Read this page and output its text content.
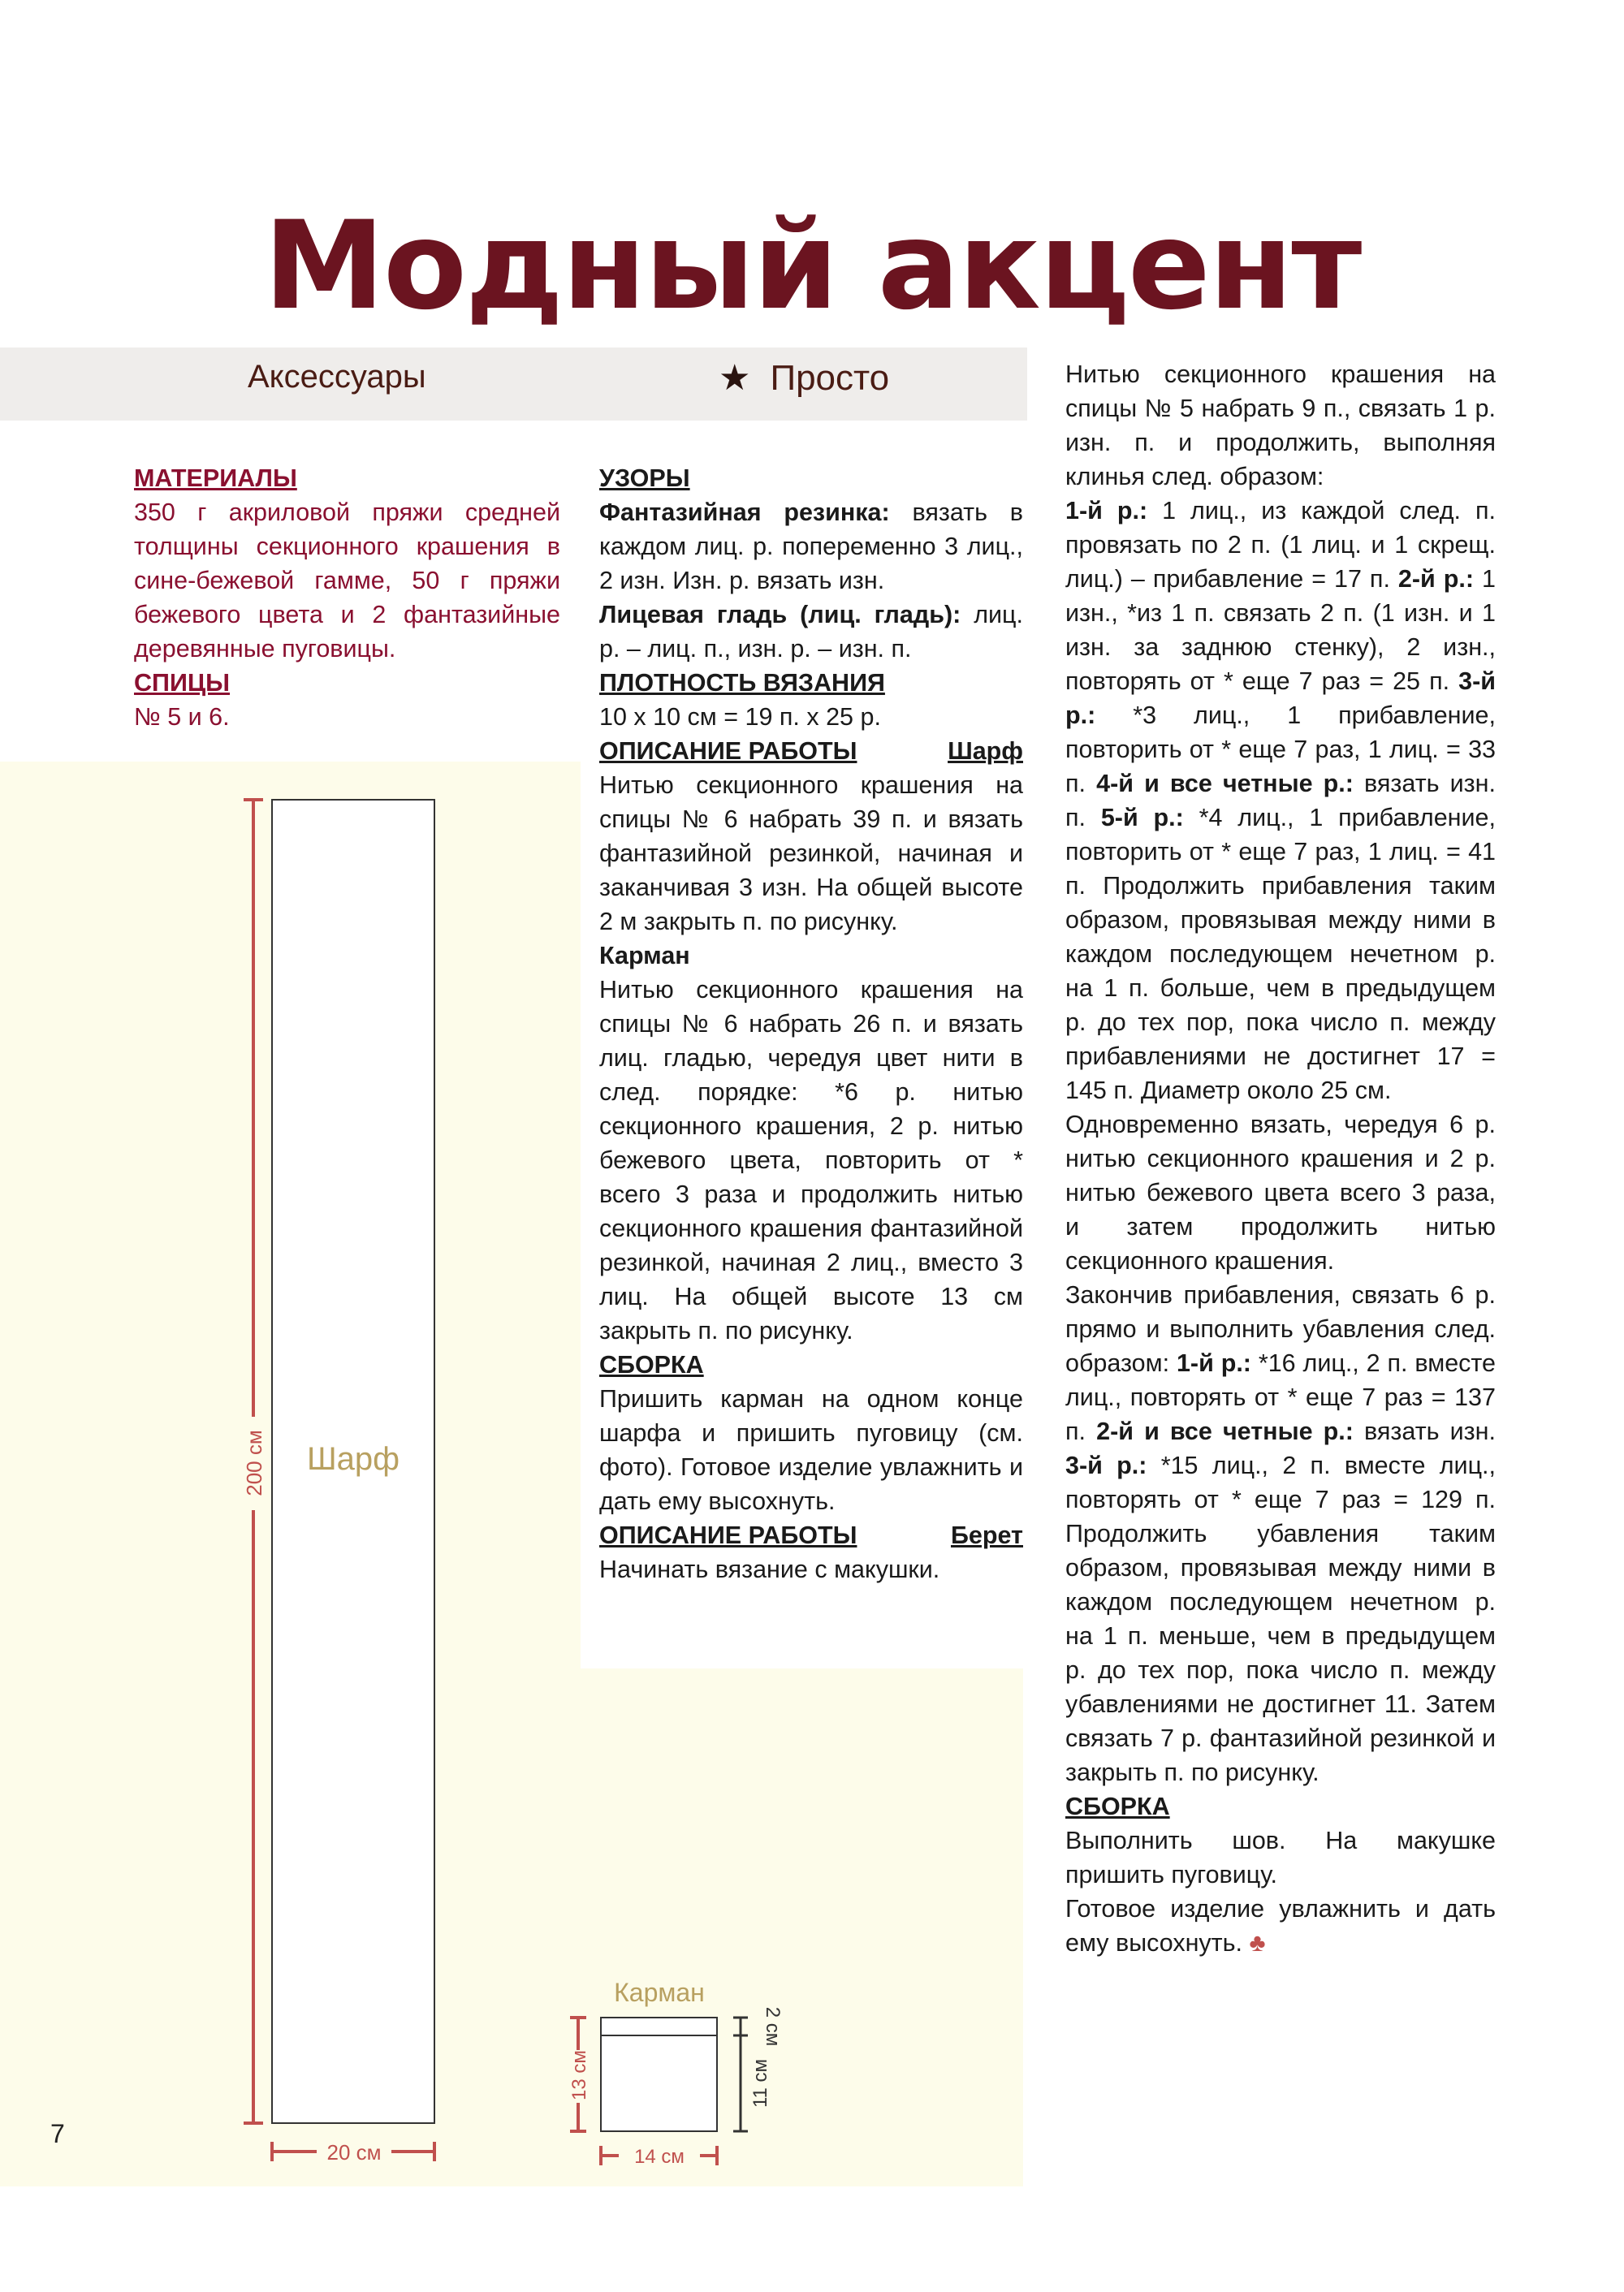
Модный акцент
Аксессуары	★ Просто
МАТЕРИАЛЫ

350 г акриловой пряжи средней толщины секционного крашения в сине-бежевой гамме, 50 г пряжи бежевого цвета и 2 фантазийные деревянные пуговицы.

СПИЦЫ

№ 5 и 6.

УЗОРЫ

Фантазийная резинка: вязать в каждом лиц. р. попеременно 3 лиц., 2 изн. Изн. р. вязать изн.

Лицевая гладь (лиц. гладь): лиц. р. – лиц. п., изн. р. – изн. п.

ПЛОТНОСТЬ ВЯЗАНИЯ

10 x 10 см = 19 п. x 25 р.

ОПИСАНИЕ РАБОТЫ	Шарф

Нитью секционного крашения на спицы № 6 набрать 39 п. и вязать фантазийной резинкой, начиная и заканчивая 3 изн. На общей высоте 2 м закрыть п. по рисунку.

Карман

Нитью секционного крашения на спицы № 6 набрать 26 п. и вязать лиц. гладью, чередуя цвет нити в след. порядке: *6 р. нитью секционного крашения, 2 р. нитью бежевого цвета, повторить от * всего 3 раза и продолжить нитью секционного крашения фантазийной резинкой, начиная 2 лиц., вместо 3 лиц. На общей высоте 13 см закрыть п. по рисунку.

СБОРКА

Пришить карман на одном конце шарфа и пришить пуговицу (см. фото). Готовое изделие увлажнить и дать ему высохнуть.

ОПИСАНИЕ РАБОТЫ	Берет

Начинать вязание с макушки.

Нитью секционного крашения на спицы № 5 набрать 9 п., связать 1 р. изн. п. и продолжить, выполняя клинья след. образом:

1-й р.: 1 лиц., из каждой след. п. провязать по 2 п. (1 лиц. и 1 скрещ. лиц.) – прибавление = 17 п. 2-й р.: 1 изн., *из 1 п. связать 2 п. (1 изн. и 1 изн. за заднюю стенку), 2 изн., повторять от * еще 7 раз = 25 п. 3-й р.: *3 лиц., 1 прибавление, повторить от * еще 7 раз, 1 лиц. = 33 п. 4-й и все четные р.: вязать изн. п. 5-й р.: *4 лиц., 1 прибавление, повторить от * еще 7 раз, 1 лиц. = 41 п. Продолжить прибавления таким образом, провязывая между ними в каждом последующем нечетном р. на 1 п. больше, чем в предыдущем р. до тех пор, пока число п. между прибавлениями не достигнет 17 = 145 п. Диаметр около 25 см.

Одновременно вязать, чередуя 6 р. нитью секционного крашения и 2 р. нитью бежевого цвета всего 3 раза, и затем продолжить нитью секционного крашения.

Закончив прибавления, связать 6 р. прямо и выполнить убавления след. образом: 1-й р.: *16 лиц., 2 п. вместе лиц., повторять от * еще 7 раз = 137 п. 2-й и все четные р.: вязать изн. 3-й р.: *15 лиц., 2 п. вместе лиц., повторять от * еще 7 раз = 129 п. Продолжить убавления таким образом, провязывая между ними в каждом последующем нечетном р. на 1 п. меньше, чем в предыдущем р. до тех пор, пока число п. между убавлениями не достигнет 11. Затем связать 7 р. фантазийной резинкой и закрыть п. по рисунку.

СБОРКА

Выполнить шов. На макушке пришить пуговицу.

Готовое изделие увлажнить и дать ему высохнуть. ♣

200 см Шарф
20 см
Карман
13 см
2 см
11 см
14 см
7
